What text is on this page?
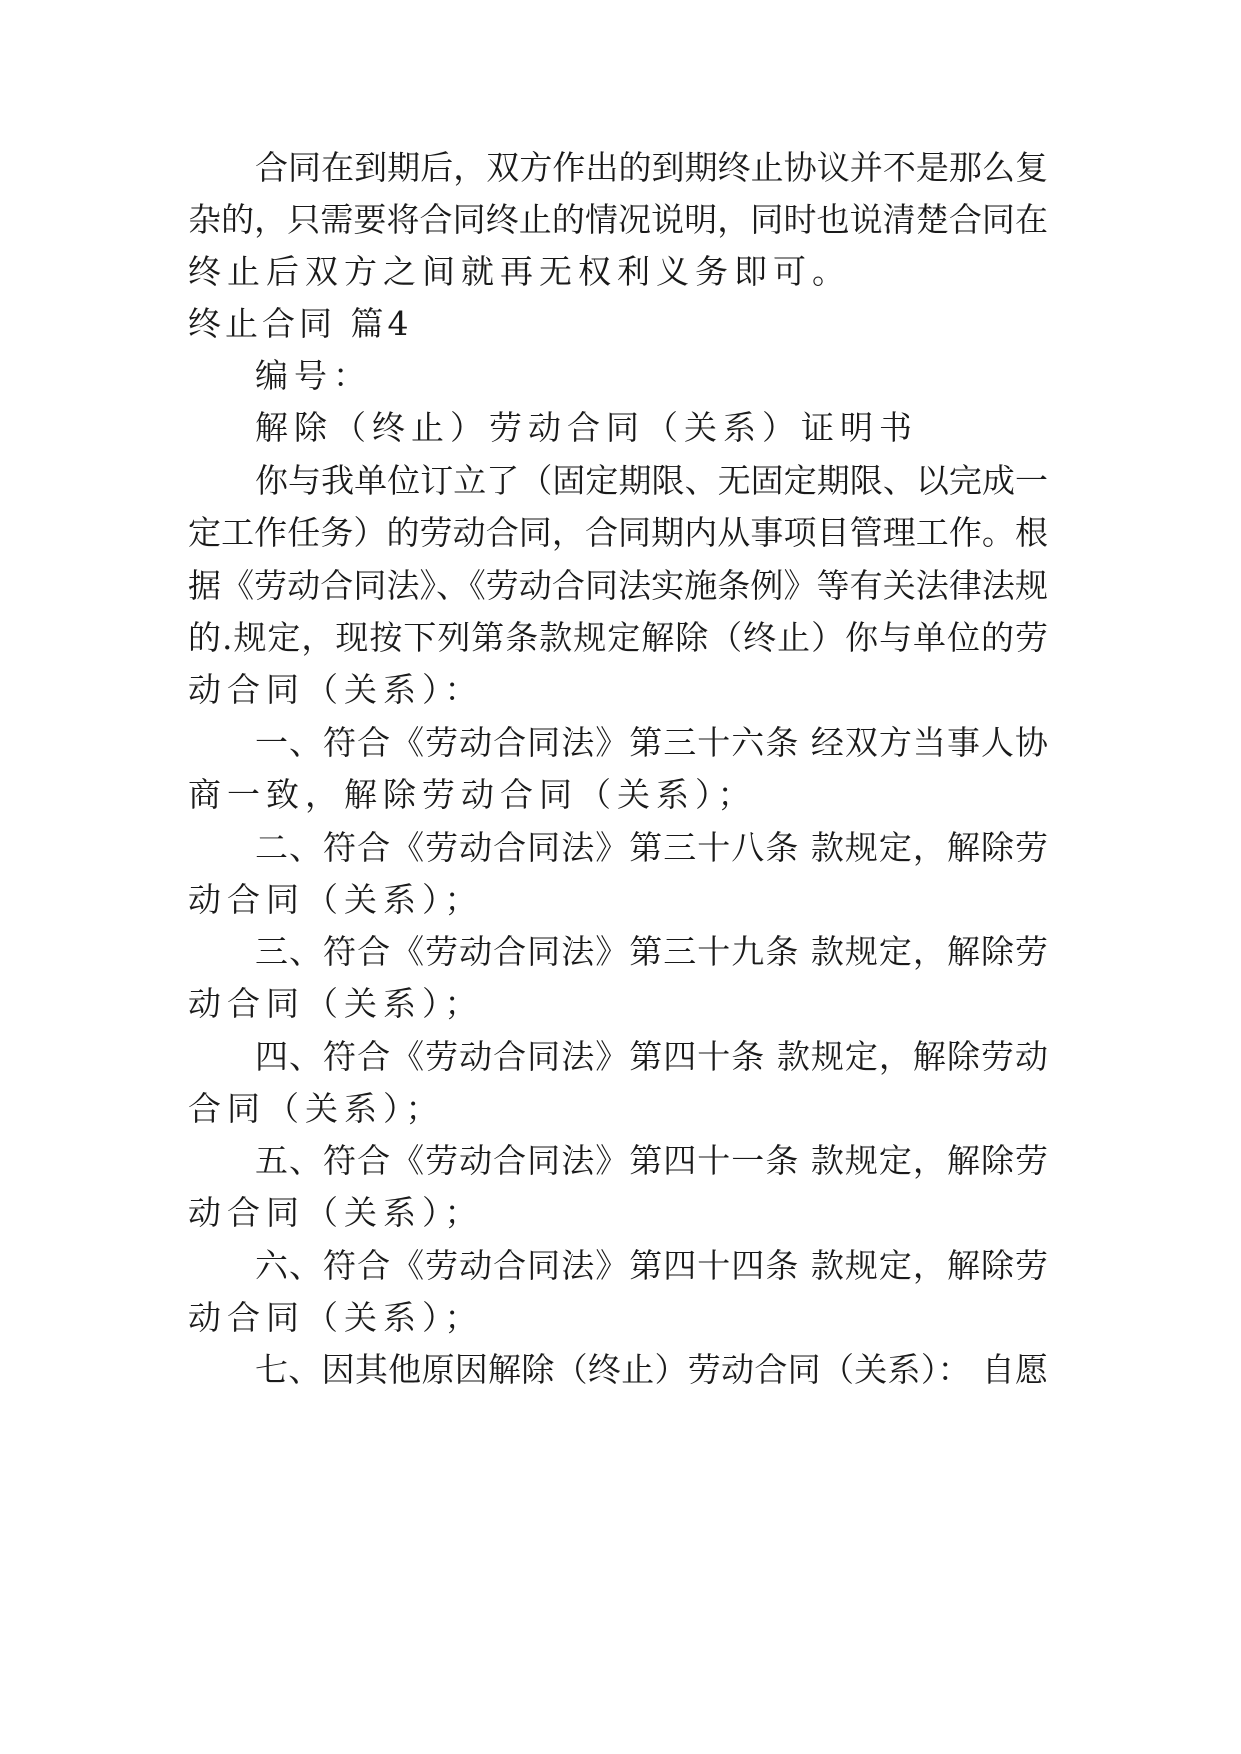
合同在到期后，双方作出的到期终止协议并不是那么复
杂的，只需要将合同终止的情况说明，同时也说清楚合同在
终止后双方之间就再无权利义务即可。
终止合同 篇4
编号：
解除（终止）劳动合同（关系）证明书
你与我单位订立了（固定期限、无固定期限、以完成一
定工作任务）的劳动合同，合同期内从事项目管理工作。根
据《劳动合同法》、《劳动合同法实施条例》等有关法律法规
的.规定，现按下列第条款规定解除（终止）你与单位的劳
动合同（关系）：
一、符合《劳动合同法》第三十六条 经双方当事人协
商一致，解除劳动合同（关系）；
二、符合《劳动合同法》第三十八条 款规定，解除劳
动合同（关系）；
三、符合《劳动合同法》第三十九条 款规定，解除劳
动合同（关系）；
四、符合《劳动合同法》第四十条 款规定，解除劳动
合同（关系）；
五、符合《劳动合同法》第四十一条 款规定，解除劳
动合同（关系）；
六、符合《劳动合同法》第四十四条 款规定，解除劳
动合同（关系）；
七、因其他原因解除（终止）劳动合同（关系）： 自愿
